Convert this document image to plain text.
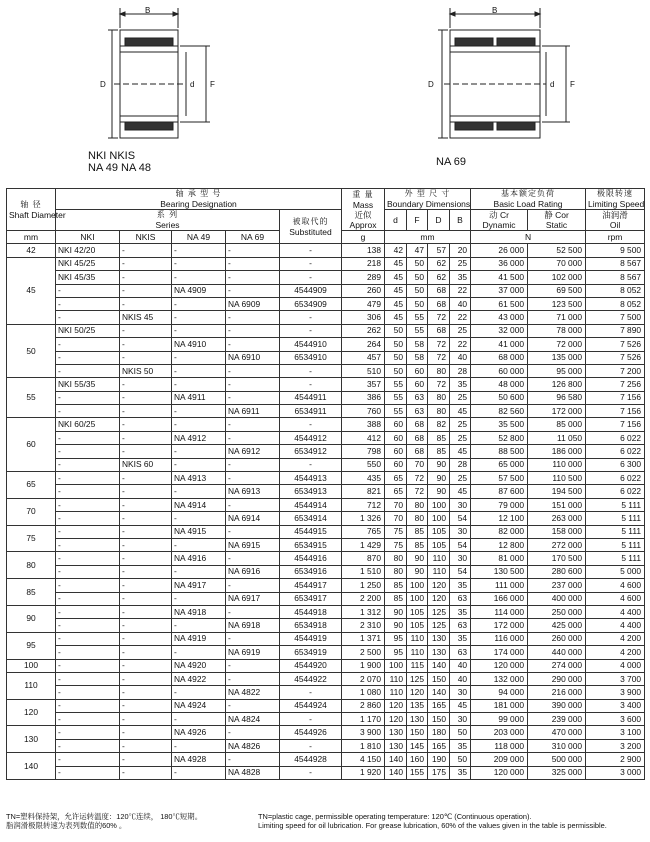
B
D	d F
B
D	d F
NKI NKIS
NA 49 NA 48	NA 69
轴 径
Shaft Diameter	轴 承 型 号
Bearing Designation					重 量
Mass
近似
Approx	外 型 尺 寸
Boundary Dimensions				基本额定负荷
Basic Load Rating		极限转速
Limiting Speed

	系 列
Series				被取代的
Substituted		d	F	D	B	动 Cr
Dynamic	静 Cor
Static	油润滑
Oil
mm	NKI	NKIS	NA 49	NA 69		g	mm				N		rpm
42	NKI 42/20	-	-	-	-	138	42	47	57	20	26 000	52 500	9 500
45	NKI 45/25	-	-	-	-	218	45	50	62	25	36 000	70 000	8 567
	NKI 45/35	-	-	-	-	289	45	50	62	35	41 500	102 000	8 567
	-	-	NA 4909	-	4544909	260	45	50	68	22	37 000	69 500	8 052
	-	-	-	NA 6909	6534909	479	45	50	68	40	61 500	123 500	8 052
	-	NKIS 45	-	-	-	306	45	55	72	22	43 000	71 000	7 500
50	NKI 50/25	-	-	-	-	262	50	55	68	25	32 000	78 000	7 890
	-	-	NA 4910	-	4544910	264	50	58	72	22	41 000	72 000	7 526
	-	-	-	NA 6910	6534910	457	50	58	72	40	68 000	135 000	7 526
	-	NKIS 50	-	-	-	510	50	60	80	28	60 000	95 000	7 200
55	NKI 55/35	-	-	-	-	357	55	60	72	35	48 000	126 800	7 256
	-	-	NA 4911	-	4544911	386	55	63	80	25	50 600	96 580	7 156
	-	-	-	NA 6911	6534911	760	55	63	80	45	82 560	172 000	7 156
60	NKI 60/25	-	-	-	-	388	60	68	82	25	35 500	85 000	7 156
	-	-	NA 4912	-	4544912	412	60	68	85	25	52 800	11 050	6 022
	-	-	-	NA 6912	6534912	798	60	68	85	45	88 500	186 000	6 022
	-	NKIS 60	-	-	-	550	60	70	90	28	65 000	110 000	6 300
65	-	-	NA 4913	-	4544913	435	65	72	90	25	57 500	110 500	6 022
	-	-	-	NA 6913	6534913	821	65	72	90	45	87 600	194 500	6 022
70	-	-	NA 4914	-	4544914	712	70	80	100	30	79 000	151 000	5 111
	-	-	-	NA 6914	6534914	1 326	70	80	100	54	12 100	263 000	5 111
75	-	-	NA 4915	-	4544915	765	75	85	105	30	82 000	158 000	5 111
	-	-	-	NA 6915	6534915	1 429	75	85	105	54	12 800	272 000	5 111
80	-	-	NA 4916	-	4544916	870	80	90	110	30	81 000	170 500	5 111
	-	-	-	NA 6916	6534916	1 510	80	90	110	54	130 500	280 600	5 000
85	-	-	NA 4917	-	4544917	1 250	85	100	120	35	111 000	237 000	4 600
	-	-	-	NA 6917	6534917	2 200	85	100	120	63	166 000	400 000	4 600
90	-	-	NA 4918	-	4544918	1 312	90	105	125	35	114 000	250 000	4 400
	-	-	-	NA 6918	6534918	2 310	90	105	125	63	172 000	425 000	4 400
95	-	-	NA 4919	-	4544919	1 371	95	110	130	35	116 000	260 000	4 200
	-	-	-	NA 6919	6534919	2 500	95	110	130	63	174 000	440 000	4 200
100	-	-	NA 4920	-	4544920	1 900	100	115	140	40	120 000	274 000	4 000
110	-	-	NA 4922	-	4544922	2 070	110	125	150	40	132 000	290 000	3 700
	-	-	-	NA 4822	-	1 080	110	120	140	30	94 000	216 000	3 900
120	-	-	NA 4924	-	4544924	2 860	120	135	165	45	181 000	390 000	3 400
	-	-	-	NA 4824	-	1 170	120	130	150	30	99 000	239 000	3 600
130	-	-	NA 4926	-	4544926	3 900	130	150	180	50	203 000	470 000	3 100
	-	-	-	NA 4826	-	1 810	130	145	165	35	118 000	310 000	3 200
140	-	-	NA 4928	-	4544928	4 150	140	160	190	50	209 000	500 000	2 900
	-	-	-	NA 4828	-	1 920	140	155	175	35	120 000	325 000	3 000
TN=塑料保持架，允许运转温度：120℃连续， 180℃短期。
脂润滑极限转速为表列数值的60% 。
TN=plastic cage, permissible operating temperature: 120℃ (Continuous operation).
Limiting speed for oil lubrication. For grease lubrication, 60% of the values given in the table is permissible.
